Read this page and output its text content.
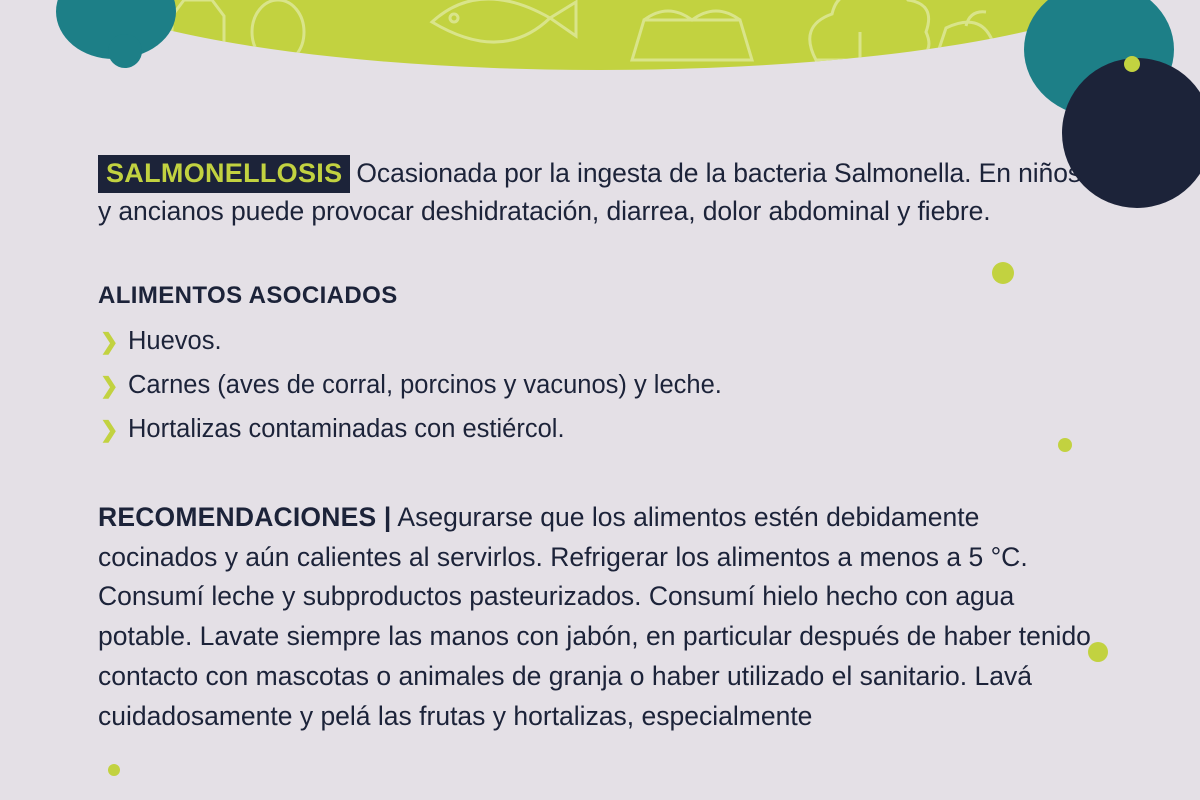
SALMONELLOSIS Ocasionada por la ingesta de la bacteria Salmonella. En niños y ancianos puede provocar deshidratación, diarrea, dolor abdominal y fiebre.

ALIMENTOS ASOCIADOS
❯ Huevos.
❯ Carnes (aves de corral, porcinos y vacunos) y leche.
❯ Hortalizas contaminadas con estiércol.

RECOMENDACIONES | Asegurarse que los alimentos estén debidamente cocinados y aún calientes al servirlos. Refrigerar los alimentos a menos a 5 °C. Consumí leche y subproductos pasteurizados. Consumí hielo hecho con agua potable. Lavate siempre las manos con jabón, en particular después de haber tenido contacto con mascotas o animales de granja o haber utilizado el sanitario. Lavá cuidadosamente y pelá las frutas y hortalizas, especialmente
